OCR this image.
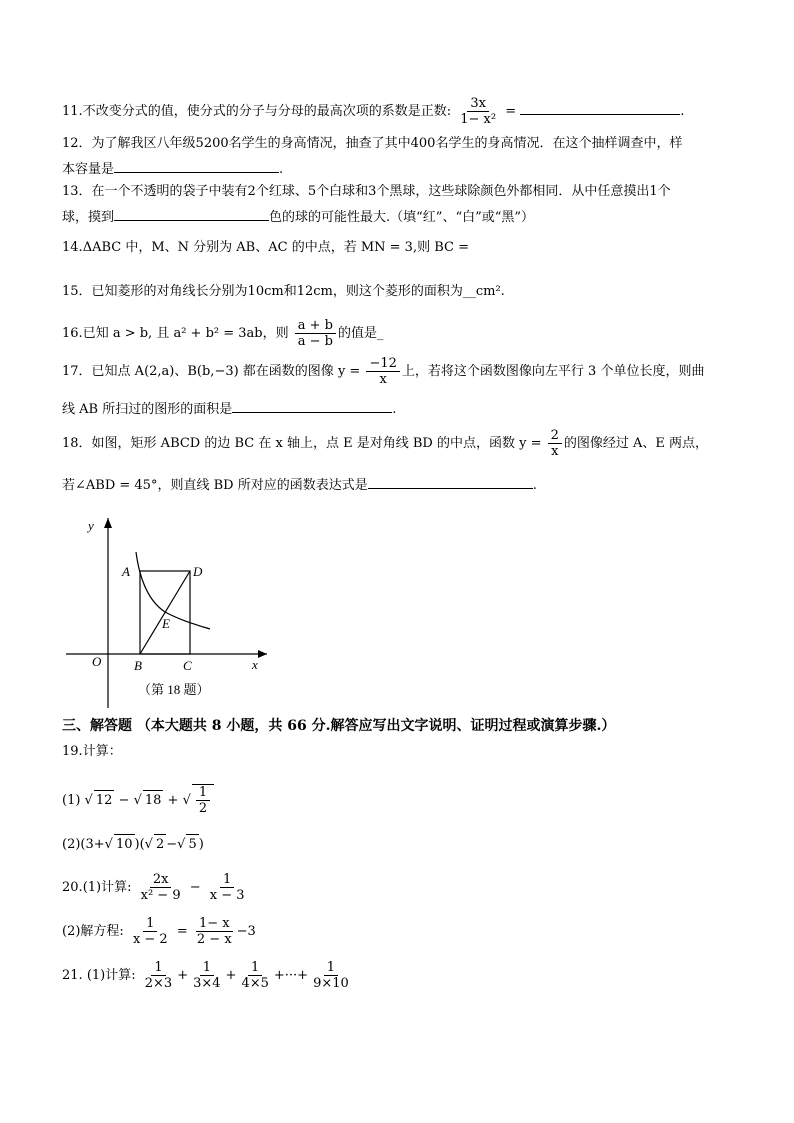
11.不改变分式的值，使分式的分子与分母的最高次项的系数是正数: $\frac{3x}{\text{1− x²}}$ =	.
12．为了解我区八年级5200名学生的身高情况，抽查了其中400名学生的身高情况．在这个抽样调查中，样
本容量是	.
13．在一个不透明的袋子中装有2个红球、5个白球和3个黑球，这些球除颜色外都相同．从中任意摸出1个
球，摸到	色的球的可能性最大.（填“红”、“白”或“黑”）
14.ΔABC 中，M、N 分别为 AB、AC 的中点，若 MN = 3,则 BC =
15．已知菱形的对角线长分别为10cm和12cm，则这个菱形的面积为__cm².
16.已知 a > b, 且 a² + b² = 3ab，则 $\frac{a + b}{a - b}$ 的值是_
17．已知点 A(2,a)、B(b,−3) 都在函数的图像 $y = \frac{-12}{x}$ 上，若将这个函数图像向左平行 3 个单位长度，则曲
线 AB 所扫过的图形的面积是	.
18．如图，矩形 ABCD 的边 BC 在 x 轴上，点 E 是对角线 BD 的中点，函数 $y = \frac{2}{x}$ 的图像经过 A、E 两点，
若∠ABD = 45°，则直线 BD 所对应的函数表达式是	.
y
x
O
A
B	C
D
E
（第 18 题）
三、解答题 （本大题共 8 小题，共 66 分.解答应写出文字说明、证明过程或演算步骤.）
19.计算：
(1) √ 12 − √ 18 + √ $\frac{1}{2}$
(2)(3+√ 10 )(√ 2 −√ 5 )
20.(1)计算: $\frac{2x}{\text{x² − 9}} - \frac{1}{x - 3}$
(2)解方程: $\frac{1}{x - 2} = \frac{1- x}{2 - x} -3$
21. (1)计算: $\frac{1}{2\times 3} + \frac{1}{3\times 4} + \frac{1}{4\times 5}$ +···+ $\frac{1}{9\times 10}$
